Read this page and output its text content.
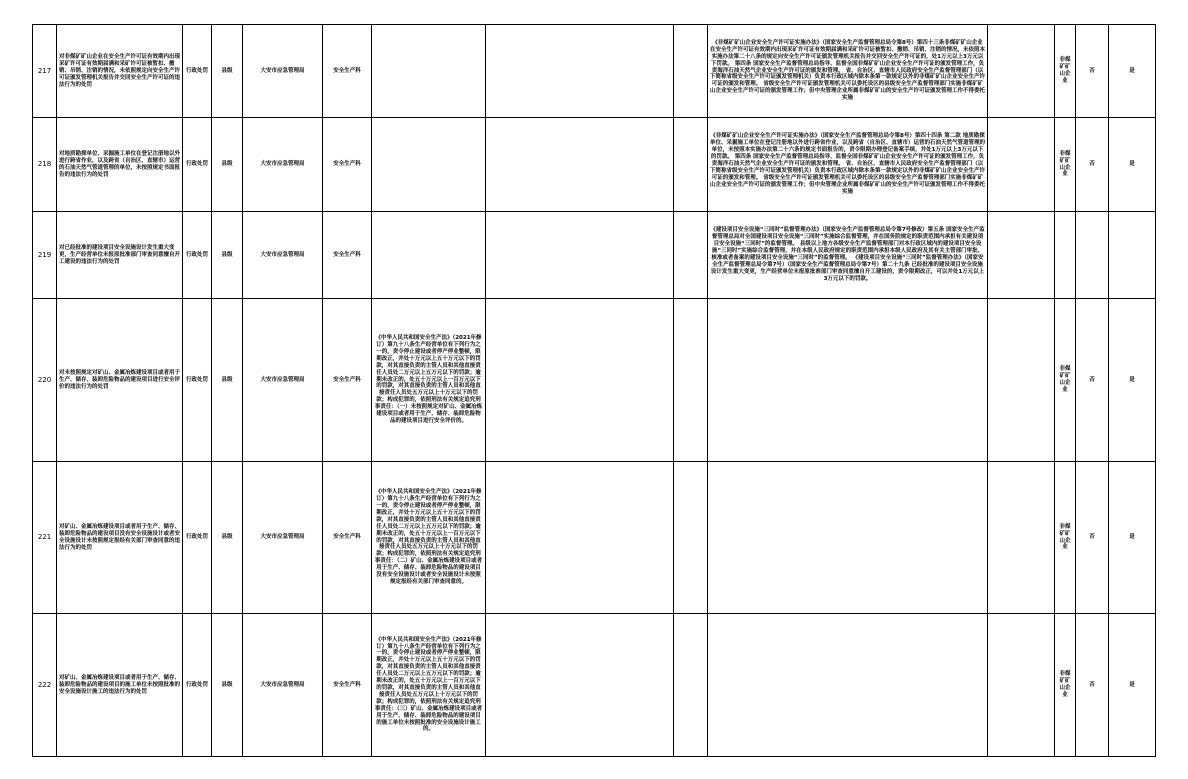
217	对非煤矿矿山企业在安全生产许可证有效期内出现采矿许可证有效期届满和采矿许可证被暂扣、撤销、吊销、注销的情况，未依照规定向安全生产许可证颁发管理机关报告并交回安全生产许可证的违法行为的处罚	行政处罚	县级	大安市应急管理局	安全生产科				《非煤矿矿山企业安全生产许可证实施办法》（国家安全生产监督管理总局令第8号）第四十三条非煤矿矿山企业在安全生产许可证有效期内出现采矿许可证有效期届满和采矿许可证被暂扣、撤销、吊销、注销的情况，未依照本实施办法第二十八条的规定向安全生产许可证颁发管理机关报告并交回安全生产许可证的，处1万元以上3万元以下罚款。 第四条 国家安全生产监督管理总局指导、监督全国非煤矿矿山企业安全生产许可证的颁发管理工作，负责海洋石油天然气企业安全生产许可证的颁发和管理。 省、自治区、直辖市人民政府安全生产监督管理部门（以下简称省级安全生产许可证颁发管理机关）负责本行政区域内除本条第一款规定以外的非煤矿矿山企业安全生产许可证的颁发和管理。 省级安全生产许可证颁发管理机关可以委托设区的县级安全生产监督管理部门实施非煤矿矿山企业安全生产许可证的颁发管理工作；但中央管理企业所属非煤矿矿山的安全生产许可证颁发管理工作不得委托实施		非煤矿矿山企业	否	是
218	对地质勘探单位、采掘施工单位在登记注册地以外进行跨省作业，以及跨省（自治区、直辖市）运营的石油天然气管道管理的单位，未按照规定书面报告的违法行为的处罚	行政处罚	县级	大安市应急管理局	安全生产科				《非煤矿矿山企业安全生产许可证实施办法》（国家安全生产监督管理总局令第8号）第四十四条 第二款 地质勘探单位、采掘施工单位在登记注册地以外进行跨省作业，以及跨省（自治区、直辖市）运营的石油天然气管道管理的单位，未按照本实施办法第二十六条的规定书面报告的，责令限期办理登记备案手续，并处1万元以上3万元以下的罚款。 第四条 国家安全生产监督管理总局指导、监督全国非煤矿矿山企业安全生产许可证的颁发管理工作，负责海洋石油天然气企业安全生产许可证的颁发和管理。 省、自治区、直辖市人民政府安全生产监督管理部门（以下简称省级安全生产许可证颁发管理机关）负责本行政区域内除本条第一款规定以外的非煤矿矿山企业安全生产许可证的颁发和管理。 省级安全生产许可证颁发管理机关可以委托设区的县级安全生产监督管理部门实施非煤矿矿山企业安全生产许可证的颁发管理工作；但中央管理企业所属非煤矿矿山的安全生产许可证颁发管理工作不得委托实施		非煤矿矿山企业	否	是
219	对已经批准的建设项目安全设施设计发生重大变更，生产经营单位未报原批准部门审查同意擅自开工建设的违法行为的处罚	行政处罚	县级	大安市应急管理局	安全生产科				《建设项目安全设施“三同时”监督管理办法》（国家安全生产监督管理总局令第7号修改）第五条 国家安全生产监督管理总局对全国建设项目安全设施“三同时”实施综合监督管理，并在国务院规定的职责范围内承担有关建设项目安全设施“三同时”的监督管理。 县级以上地方各级安全生产监督管理部门对本行政区域内的建设项目安全设施“三同时”实施综合监督管理，并在本级人民政府规定的职责范围内承担本级人民政府及其有关主管部门审批、核准或者备案的建设项目安全设施“三同时”的监督管理。 《建设项目安全设施“三同时”监督管理办法》（国家安全生产监督管理总局令第7号）（国家安全生产监督管理总局令第7号）第二十九条 已经批准的建设项目安全设施设计发生重大变更，生产经营单位未报原批准部门审查同意擅自开工建设的，责令限期改正，可以并处1万元以上3万元以下的罚款。				
220	对未按照规定对矿山、金属冶炼建设项目或者用于生产、储存、装卸危险物品的建设项目进行安全评价的违法行为的处罚	行政处罚	县级	大安市应急管理局	安全生产科	《中华人民共和国安全生产法》（2021年修订）第九十八条生产经营单位有下列行为之一的，责令停止建设或者停产停业整顿，限期改正，并处十万元以上五十万元以下的罚款，对其直接负责的主管人员和其他直接责任人员处二万元以上五万元以下的罚款；逾期未改正的，处五十万元以上一百万元以下的罚款，对其直接负责的主管人员和其他直接责任人员处五万元以上十万元以下的罚款；构成犯罪的，依照刑法有关规定追究刑事责任：（一）未按照规定对矿山、金属冶炼建设项目或者用于生产、储存、装卸危险物品的建设项目进行安全评价的。					非煤矿矿山企业	否	是
221	对矿山、金属冶炼建设项目或者用于生产、储存、装卸危险物品的建设项目没有安全设施设计或者安全设施设计未按照规定报经有关部门审查同意的违法行为的处罚	行政处罚	县级	大安市应急管理局	安全生产科	《中华人民共和国安全生产法》（2021年修订）第九十八条生产经营单位有下列行为之一的，责令停止建设或者停产停业整顿，限期改正，并处十万元以上五十万元以下的罚款，对其直接负责的主管人员和其他直接责任人员处二万元以上五万元以下的罚款；逾期未改正的，处五十万元以上一百万元以下的罚款，对其直接负责的主管人员和其他直接责任人员处五万元以上十万元以下的罚款；构成犯罪的，依照刑法有关规定追究刑事责任：（二）矿山、金属冶炼建设项目或者用于生产、储存、装卸危险物品的建设项目没有安全设施设计或者安全设施设计未按照规定报经有关部门审查同意的。					非煤矿矿山企业	否	是
222	对矿山、金属冶炼建设项目或者用于生产、储存、装卸危险物品的建设项目的施工单位未按照批准的安全设施设计施工的违法行为的处罚	行政处罚	县级	大安市应急管理局	安全生产科	《中华人民共和国安全生产法》（2021年修订）第九十八条生产经营单位有下列行为之一的，责令停止建设或者停产停业整顿，限期改正，并处十万元以上五十万元以下的罚款，对其直接负责的主管人员和其他直接责任人员处二万元以上五万元以下的罚款；逾期未改正的，处五十万元以上一百万元以下的罚款，对其直接负责的主管人员和其他直接责任人员处五万元以上十万元以下的罚款；构成犯罪的，依照刑法有关规定追究刑事责任：（三）矿山、金属冶炼建设项目或者用于生产、储存、装卸危险物品的建设项目的施工单位未按照批准的安全设施设计施工的。					非煤矿矿山企业	否	是
